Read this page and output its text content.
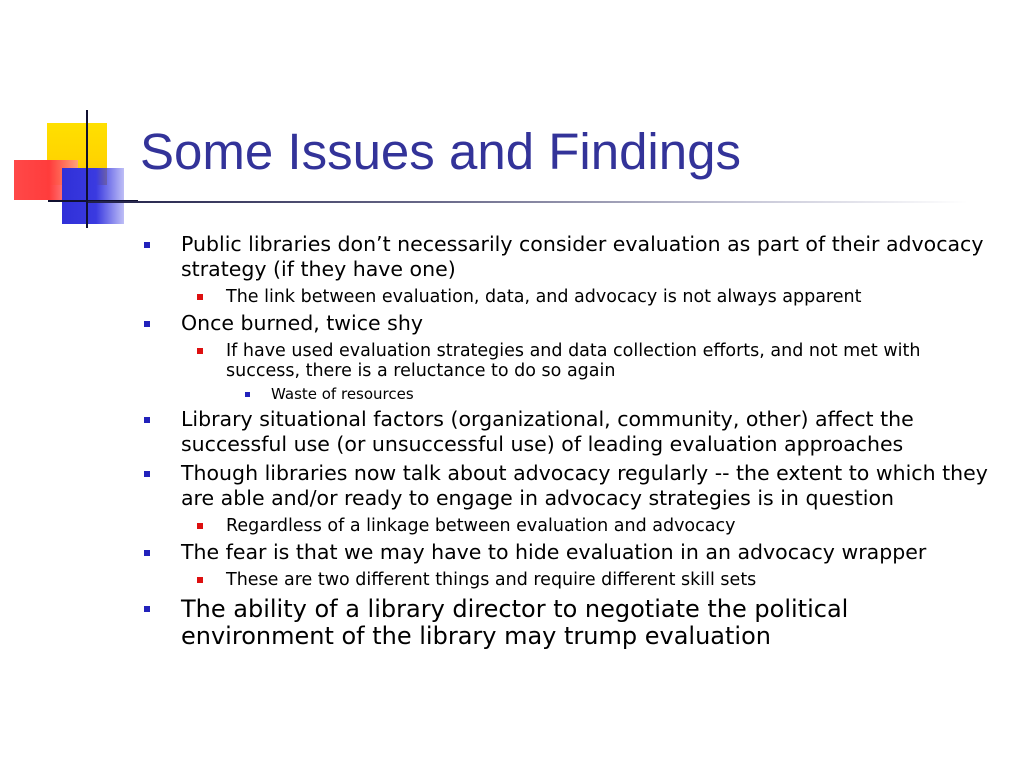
Some Issues and Findings
Public libraries don’t necessarily consider evaluation as part of their advocacy strategy (if they have one)
The link between evaluation, data, and advocacy is not always apparent
Once burned, twice shy
If have used evaluation strategies and data collection efforts, and not met with success, there is a reluctance to do so again
Waste of resources
Library situational factors (organizational, community, other) affect the successful use (or unsuccessful use) of leading evaluation approaches
Though libraries now talk about advocacy regularly -- the extent to which they are able and/or ready to engage in advocacy strategies is in question
Regardless of a linkage between evaluation and advocacy
The fear is that we may have to hide evaluation in an advocacy wrapper
These are two different things and require different skill sets
The ability of a library director to negotiate the political environment of the library may trump evaluation
